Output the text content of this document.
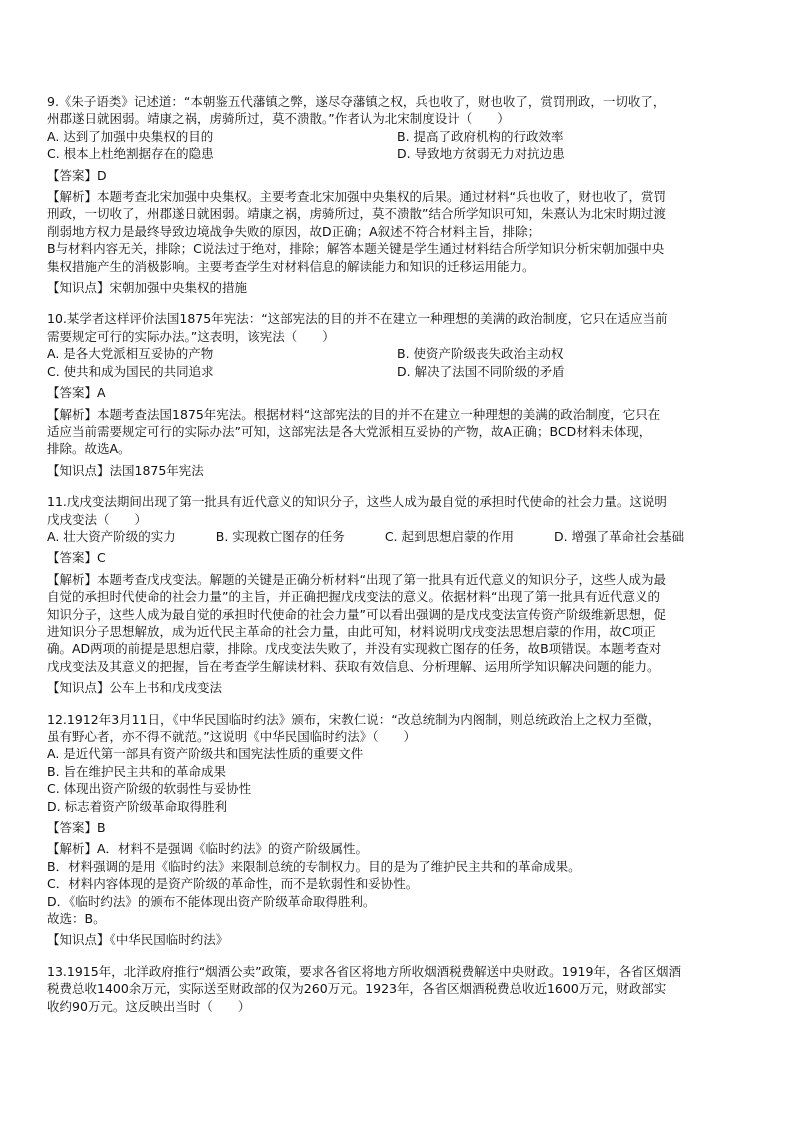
9.《朱子语类》记述道：“本朝鉴五代藩镇之弊，遂尽夺藩镇之权，兵也收了，财也收了，赏罚刑政，一切收了，
州郡遂日就困弱。靖康之祸，虏骑所过，莫不溃散。”作者认为北宋制度设计（　　）
A. 达到了加强中央集权的目的	B. 提高了政府机构的行政效率
C. 根本上杜绝割据存在的隐患	D. 导致地方贫弱无力对抗边患
【答案】D
【解析】本题考查北宋加强中央集权。主要考查北宋加强中央集权的后果。通过材料“兵也收了，财也收了，赏罚
刑政，一切收了，州郡遂日就困弱。靖康之祸，虏骑所过，莫不溃散”结合所学知识可知，朱熹认为北宋时期过渡
削弱地方权力是最终导致边境战争失败的原因，故D正确；A叙述不符合材料主旨，排除；
B与材料内容无关，排除；C说法过于绝对，排除；解答本题关键是学生通过材料结合所学知识分析宋朝加强中央
集权措施产生的消极影响。主要考查学生对材料信息的解读能力和知识的迁移运用能力。
【知识点】宋朝加强中央集权的措施
10.某学者这样评价法国1875年宪法：“这部宪法的目的并不在建立一种理想的美满的政治制度，它只在适应当前
需要规定可行的实际办法。”这表明，该宪法（　　）
A. 是各大党派相互妥协的产物	B. 使资产阶级丧失政治主动权
C. 使共和成为国民的共同追求	D. 解决了法国不同阶级的矛盾
【答案】A
【解析】本题考查法国1875年宪法。根据材料“这部宪法的目的并不在建立一种理想的美满的政治制度，它只在
适应当前需要规定可行的实际办法”可知，这部宪法是各大党派相互妥协的产物，故A正确；BCD材料未体现，
排除。故选A。
【知识点】法国1875年宪法
11.戊戌变法期间出现了第一批具有近代意义的知识分子，这些人成为最自觉的承担时代使命的社会力量。这说明
戊戌变法（　　）
A. 壮大资产阶级的实力	B. 实现救亡图存的任务	C. 起到思想启蒙的作用	D. 增强了革命社会基础
【答案】C
【解析】本题考查戊戌变法。解题的关键是正确分析材料“出现了第一批具有近代意义的知识分子，这些人成为最
自觉的承担时代使命的社会力量”的主旨，并正确把握戊戌变法的意义。依据材料“出现了第一批具有近代意义的
知识分子，这些人成为最自觉的承担时代使命的社会力量”可以看出强调的是戊戌变法宣传资产阶级维新思想，促
进知识分子思想解放，成为近代民主革命的社会力量，由此可知，材料说明戊戌变法思想启蒙的作用，故C项正
确。AD两项的前提是思想启蒙，排除。戊戌变法失败了，并没有实现救亡图存的任务，故B项错误。本题考查对
戊戌变法及其意义的把握，旨在考查学生解读材料、获取有效信息、分析理解、运用所学知识解决问题的能力。
【知识点】公车上书和戊戌变法
12.1912年3月11日，《中华民国临时约法》颁布，宋教仁说：“改总统制为内阁制，则总统政治上之权力至微，
虽有野心者，亦不得不就范。”这说明《中华民国临时约法》（　　）
A. 是近代第一部具有资产阶级共和国宪法性质的重要文件
B. 旨在维护民主共和的革命成果
C. 体现出资产阶级的软弱性与妥协性
D. 标志着资产阶级革命取得胜利
【答案】B
【解析】A．材料不是强调《临时约法》的资产阶级属性。
B．材料强调的是用《临时约法》来限制总统的专制权力。目的是为了维护民主共和的革命成果。
C．材料内容体现的是资产阶级的革命性，而不是软弱性和妥协性。
D．《临时约法》的颁布不能体现出资产阶级革命取得胜利。
故选：B。
【知识点】《中华民国临时约法》
13.1915年，北洋政府推行“烟酒公卖”政策，要求各省区将地方所收烟酒税费解送中央财政。1919年，各省区烟酒
税费总收1400余万元，实际送至财政部的仅为260万元。1923年，各省区烟酒税费总收近1600万元，财政部实
收约90万元。这反映出当时（　　）
